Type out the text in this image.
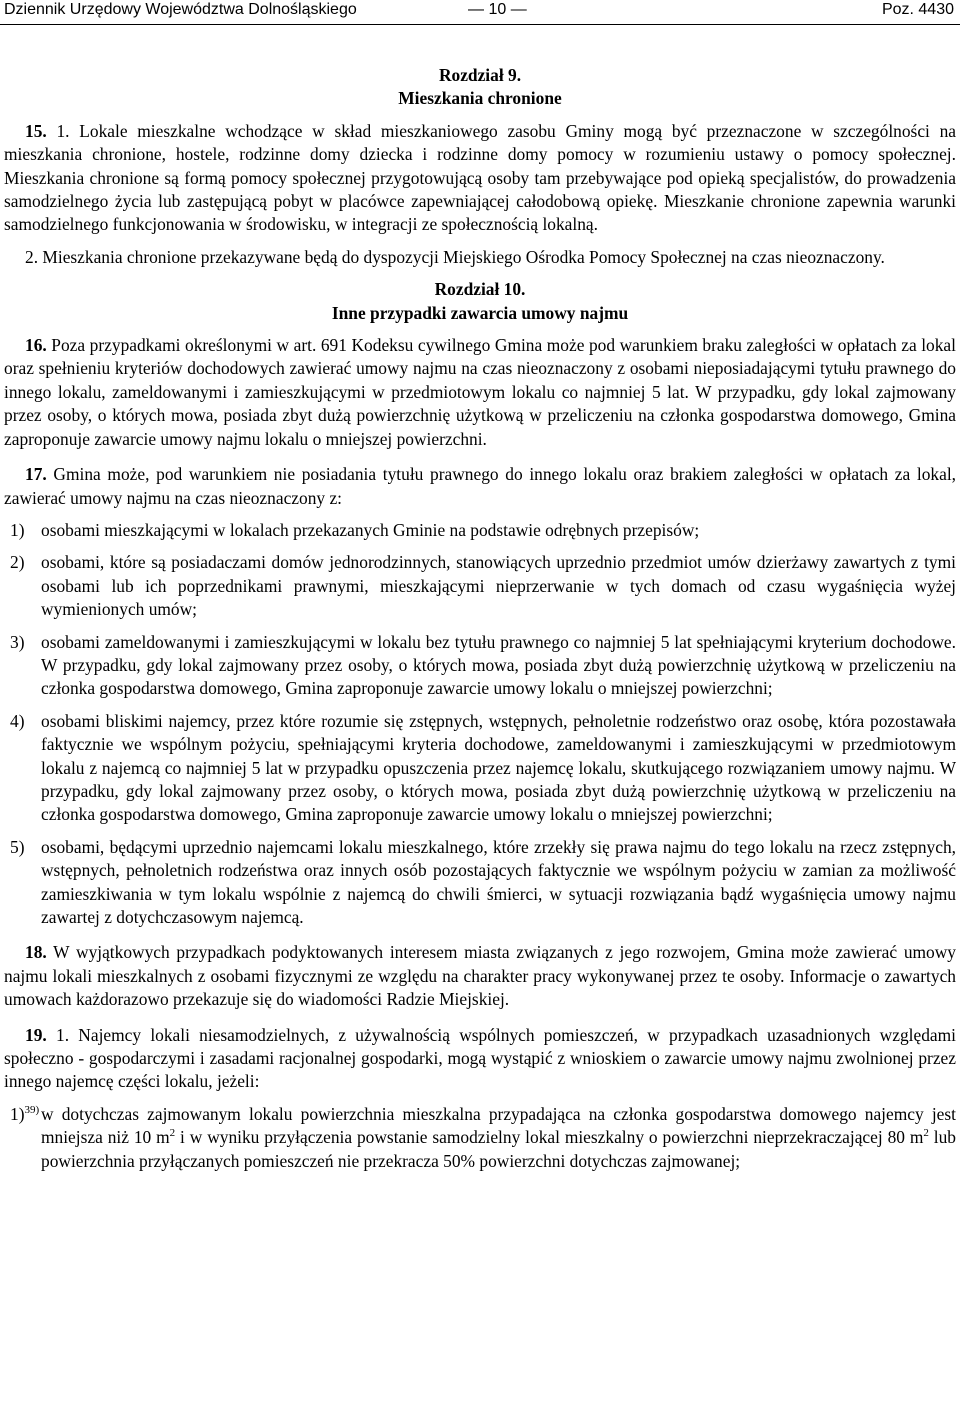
Dziennik Urzędowy Województwa Dolnośląskiego	— 10 —	Poz. 4430
Rozdział 9.
Mieszkania chronione

15. 1. Lokale mieszkalne wchodzące w skład mieszkaniowego zasobu Gminy mogą być przeznaczone w szczególności na mieszkania chronione, hostele, rodzinne domy dziecka i rodzinne domy pomocy w rozumieniu ustawy o pomocy społecznej. Mieszkania chronione są formą pomocy społecznej przygotowującą osoby tam przebywające pod opieką specjalistów, do prowadzenia samodzielnego życia lub zastępującą pobyt w placówce zapewniającej całodobową opiekę. Mieszkanie chronione zapewnia warunki samodzielnego funkcjonowania w środowisku, w integracji ze społecznością lokalną.

2. Mieszkania chronione przekazywane będą do dyspozycji Miejskiego Ośrodka Pomocy Społecznej na czas nieoznaczony.

Rozdział 10.
Inne przypadki zawarcia umowy najmu

16. Poza przypadkami określonymi w art. 691 Kodeksu cywilnego Gmina może pod warunkiem braku zaległości w opłatach za lokal oraz spełnieniu kryteriów dochodowych zawierać umowy najmu na czas nieoznaczony z osobami nieposiadającymi tytułu prawnego do innego lokalu, zameldowanymi i zamieszkującymi w przedmiotowym lokalu co najmniej 5 lat. W przypadku, gdy lokal zajmowany przez osoby, o których mowa, posiada zbyt dużą powierzchnię użytkową w przeliczeniu na członka gospodarstwa domowego, Gmina zaproponuje zawarcie umowy najmu lokalu o mniejszej powierzchni.

17. Gmina może, pod warunkiem nie posiadania tytułu prawnego do innego lokalu oraz brakiem zaległości w opłatach za lokal, zawierać umowy najmu na czas nieoznaczony z:

1) osobami mieszkającymi w lokalach przekazanych Gminie na podstawie odrębnych przepisów;
2) osobami, które są posiadaczami domów jednorodzinnych, stanowiących uprzednio przedmiot umów dzierżawy zawartych z tymi osobami lub ich poprzednikami prawnymi, mieszkającymi nieprzerwanie w tych domach od czasu wygaśnięcia wyżej wymienionych umów;
3) osobami zameldowanymi i zamieszkującymi w lokalu bez tytułu prawnego co najmniej 5 lat spełniającymi kryterium dochodowe. W przypadku, gdy lokal zajmowany przez osoby, o których mowa, posiada zbyt dużą powierzchnię użytkową w przeliczeniu na członka gospodarstwa domowego, Gmina zaproponuje zawarcie umowy lokalu o mniejszej powierzchni;
4) osobami bliskimi najemcy, przez które rozumie się zstępnych, wstępnych, pełnoletnie rodzeństwo oraz osobę, która pozostawała faktycznie we wspólnym pożyciu, spełniającymi kryteria dochodowe, zameldowanymi i zamieszkującymi w przedmiotowym lokalu z najemcą co najmniej 5 lat w przypadku opuszczenia przez najemcę lokalu, skutkującego rozwiązaniem umowy najmu. W przypadku, gdy lokal zajmowany przez osoby, o których mowa, posiada zbyt dużą powierzchnię użytkową w przeliczeniu na członka gospodarstwa domowego, Gmina zaproponuje zawarcie umowy lokalu o mniejszej powierzchni;
5) osobami, będącymi uprzednio najemcami lokalu mieszkalnego, które zrzekły się prawa najmu do tego lokalu na rzecz zstępnych, wstępnych, pełnoletnich rodzeństwa oraz innych osób pozostających faktycznie we wspólnym pożyciu w zamian za możliwość zamieszkiwania w tym lokalu wspólnie z najemcą do chwili śmierci, w sytuacji rozwiązania bądź wygaśnięcia umowy najmu zawartej z dotychczasowym najemcą.

18. W wyjątkowych przypadkach podyktowanych interesem miasta związanych z jego rozwojem, Gmina może zawierać umowy najmu lokali mieszkalnych z osobami fizycznymi ze względu na charakter pracy wykonywanej przez te osoby. Informacje o zawartych umowach każdorazowo przekazuje się do wiadomości Radzie Miejskiej.

19. 1. Najemcy lokali niesamodzielnych, z używalnością wspólnych pomieszczeń, w przypadkach uzasadnionych względami społeczno - gospodarczymi i zasadami racjonalnej gospodarki, mogą wystąpić z wnioskiem o zawarcie umowy najmu zwolnionej przez innego najemcę części lokalu, jeżeli:

1)$^{39)}$ w dotychczas zajmowanym lokalu powierzchnia mieszkalna przypadająca na członka gospodarstwa domowego najemcy jest mniejsza niż 10 $m^2$ i w wyniku przyłączenia powstanie samodzielny lokal mieszkalny o powierzchni nieprzekraczającej 80 $m^2$ lub powierzchnia przyłączanych pomieszczeń nie przekracza 50% powierzchni dotychczas zajmowanej;
